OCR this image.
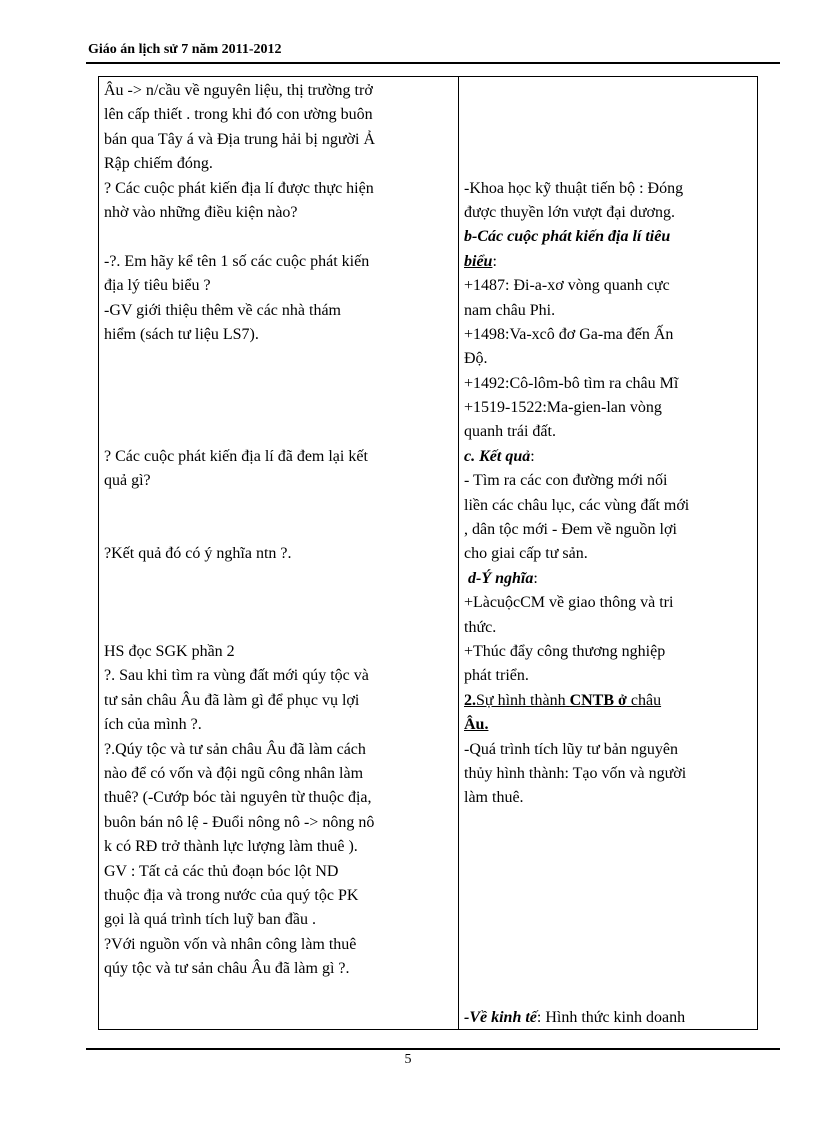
Giáo án lịch sử 7 năm 2011-2012
Âu -> n/cầu về nguyên liệu, thị trường trở
lên cấp thiết . trong khi đó con ường buôn
bán qua Tây á và Địa trung hải bị người Ả
Rập chiếm đóng.
? Các cuộc phát kiến địa lí được thực hiện
nhờ vào những điều kiện nào?
-?. Em hãy kể tên 1 số các cuộc phát kiến
địa lý tiêu biểu ?
-GV giới thiệu thêm về các nhà thám
hiểm (sách tư liệu LS7).
? Các cuộc phát kiến địa lí đã đem lại kết
quả gì?
?Kết quả đó có ý nghĩa ntn ?.
HS đọc SGK phần 2
?. Sau khi tìm ra vùng đất mới qúy tộc và
tư sản châu Âu đã làm gì để phục vụ lợi
ích của mình ?.
?.Qúy tộc và tư sản châu Âu đã làm cách
nào để có vốn và đội ngũ công nhân làm
thuê? (-Cướp bóc tài nguyên từ thuộc địa,
buôn bán nô lệ - Đuổi nông nô -> nông nô
k có RĐ trở thành lực lượng làm thuê ).
GV : Tất cả các thủ đoạn bóc lột ND
thuộc địa và trong nước của quý tộc PK
gọi là quá trình tích luỹ ban đầu .
?Với nguồn vốn và nhân công làm thuê
qúy tộc và tư sản châu Âu đã làm gì ?.
-Khoa học kỹ thuật tiến bộ : Đóng
được thuyền lớn vượt đại dương.
b-Các cuộc phát kiến địa lí tiêu
biểu:
+1487: Đi-a-xơ vòng quanh cực
nam châu Phi.
+1498:Va-xcô đơ Ga-ma đến Ấn
Độ.
+1492:Cô-lôm-bô tìm ra châu Mĩ
+1519-1522:Ma-gien-lan vòng
quanh trái đất.
c. Kết quả:
- Tìm ra các con đường mới nối
liền các châu lục, các vùng đất mới
, dân tộc mới - Đem về nguồn lợi
cho giai cấp tư sản.
d-Ý nghĩa:
+LàcuộcCM về giao thông và tri
thức.
+Thúc đẩy công thương nghiệp
phát triển.
2.Sự hình thành CNTB ở châu
Âu.
-Quá trình tích lũy tư bản nguyên
thủy hình thành: Tạo vốn và người
làm thuê.
-Về kinh tế: Hình thức kinh doanh
5
